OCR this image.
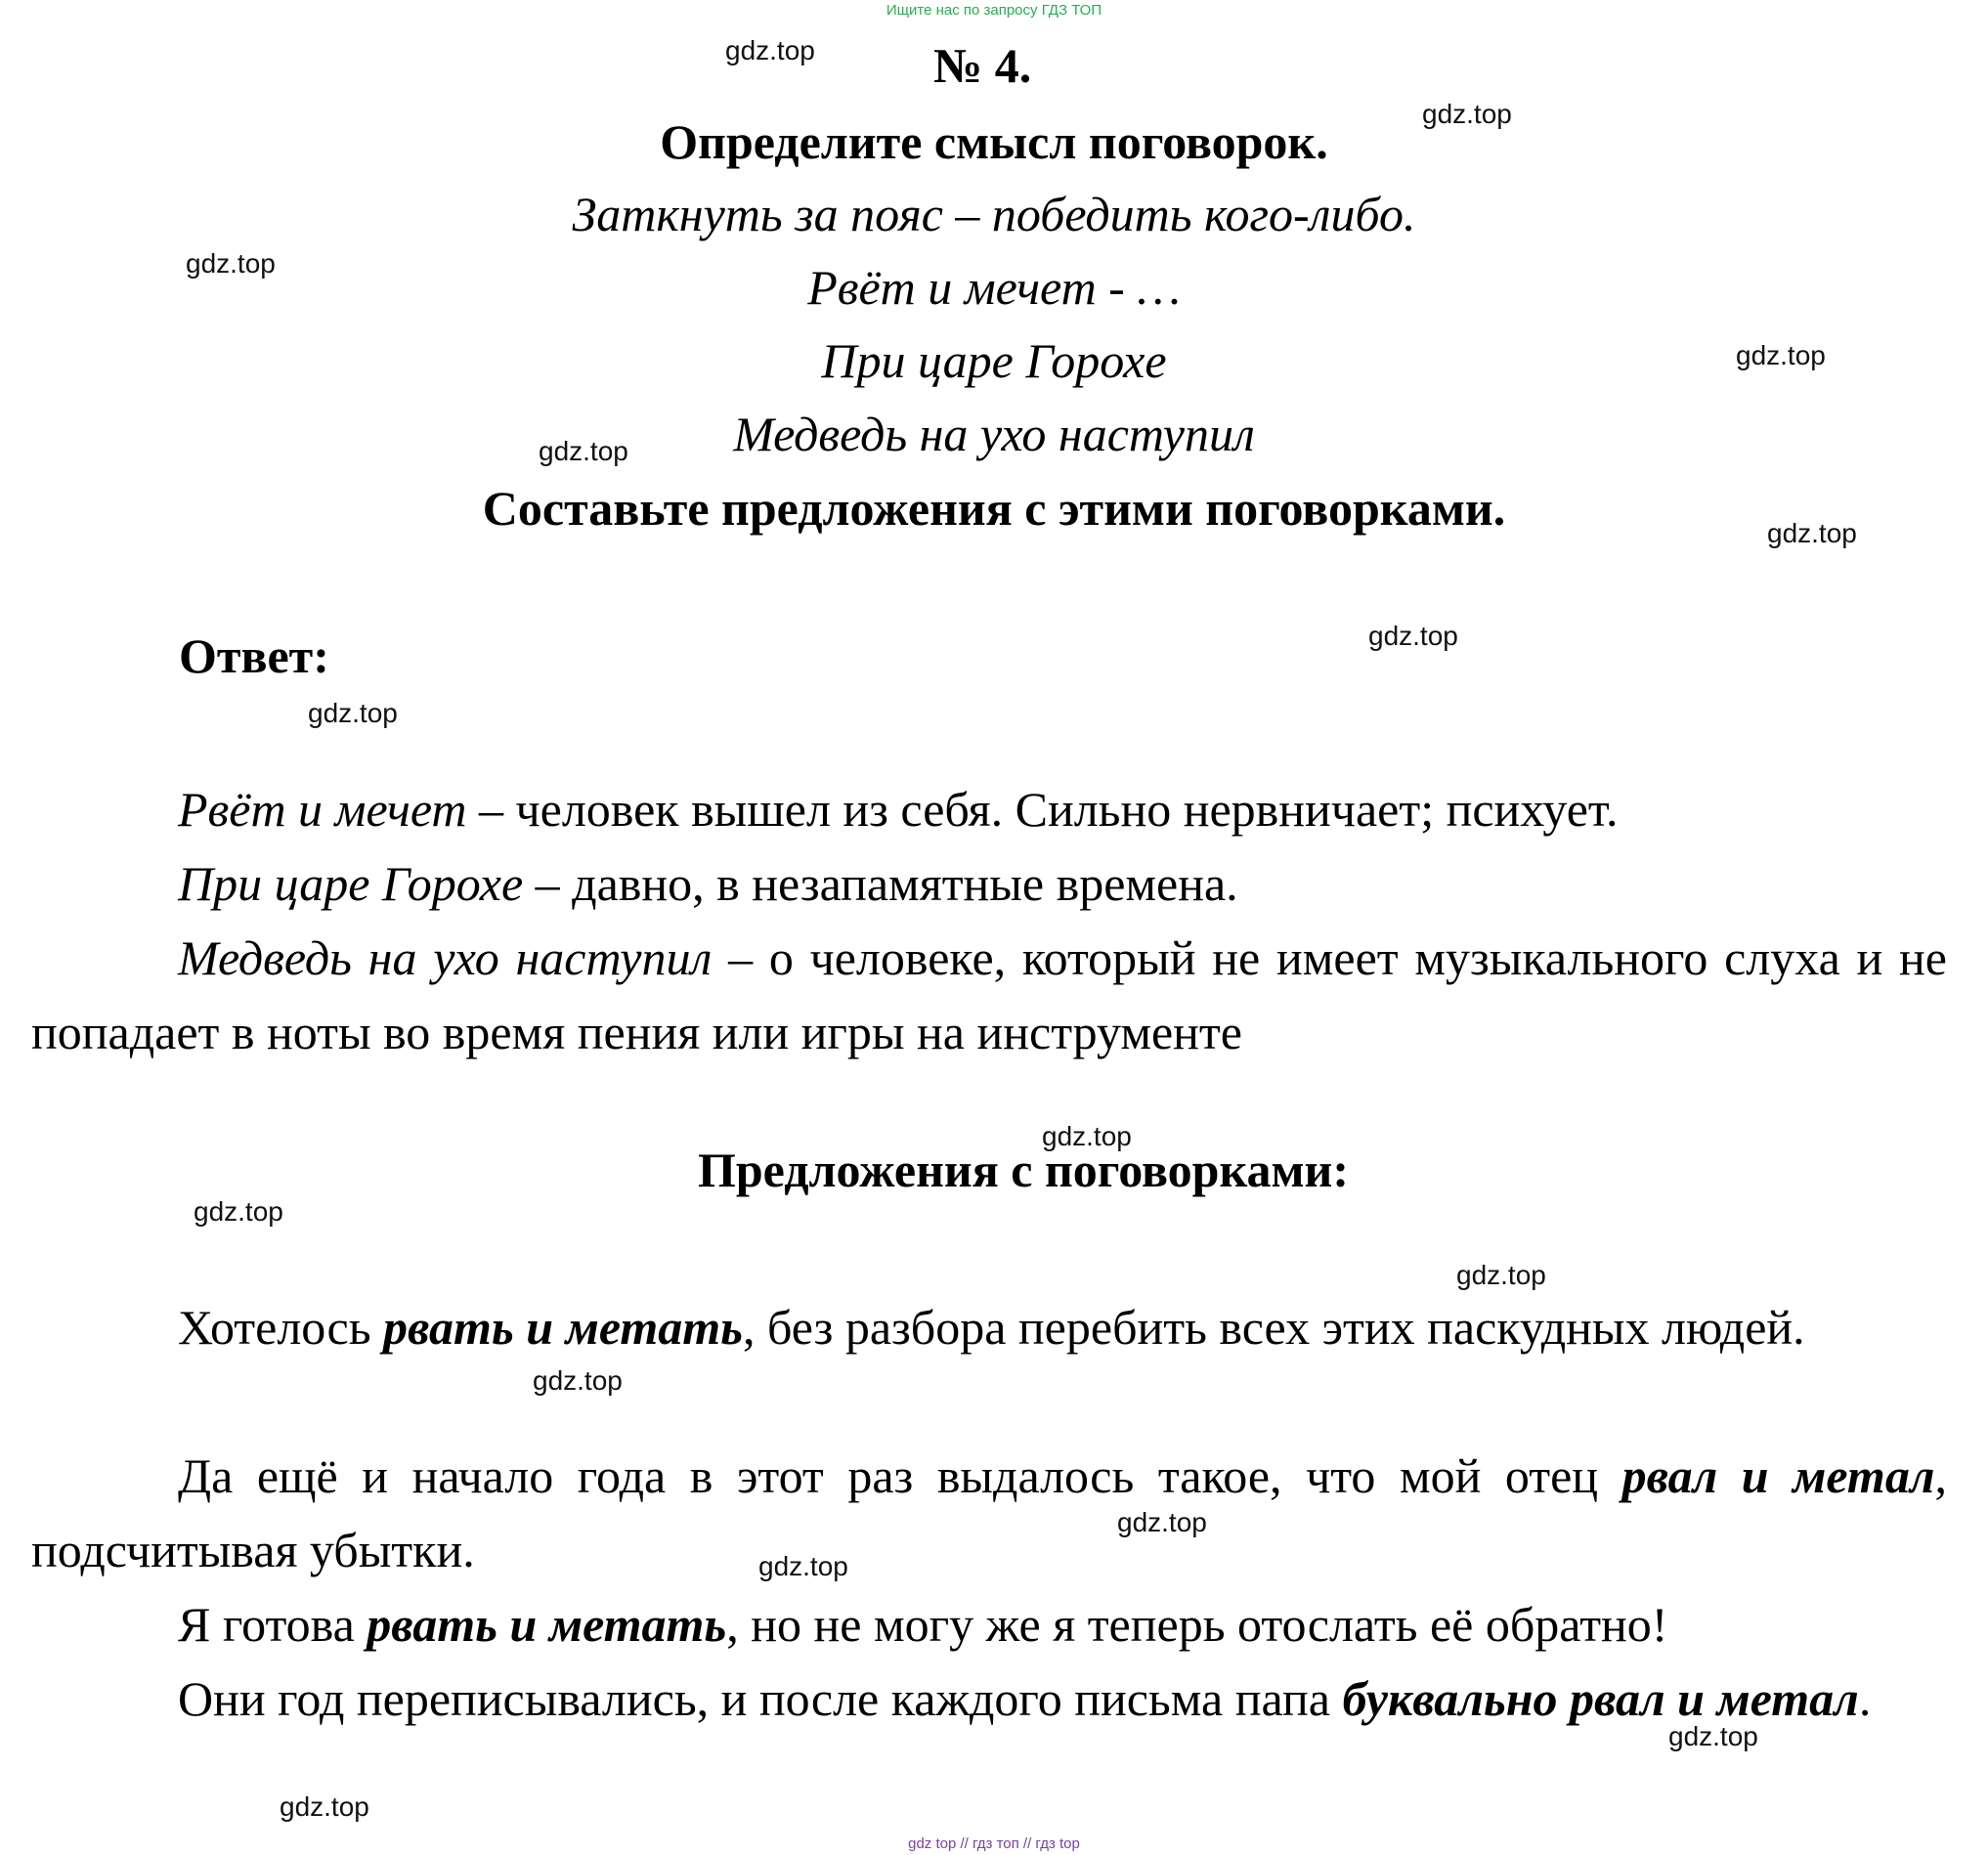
Ищите нас по запросу ГДЗ ТОП
gdz.top
gdz.top
gdz.top
gdz.top
gdz.top
gdz.top
gdz.top
gdz.top
gdz.top
gdz.top
gdz.top
gdz.top
gdz.top
gdz.top
gdz.top
gdz.top
№ 4.
Определите смысл поговорок.
Заткнуть за пояс – победить кого-либо.
Рвёт и мечет - …
При царе Горохе
Медведь на ухо наступил
Составьте предложения с этими поговорками.
Ответ:
Рвёт и мечет – человек вышел из себя. Сильно нервничает; психует.
При царе Горохе – давно, в незапамятные времена.
Медведь на ухо наступил – о человеке, который не имеет музыкального слуха и не попадает в ноты во время пения или игры на инструменте
Предложения с поговорками:
Хотелось рвать и метать, без разбора перебить всех этих паскудных людей.
Да ещё и начало года в этот раз выдалось такое, что мой отец рвал и метал, подсчитывая убытки.
Я готова рвать и метать, но не могу же я теперь отослать её обратно!
Они год переписывались, и после каждого письма папа буквально рвал и метал.
gdz top // гдз топ // гдз top
